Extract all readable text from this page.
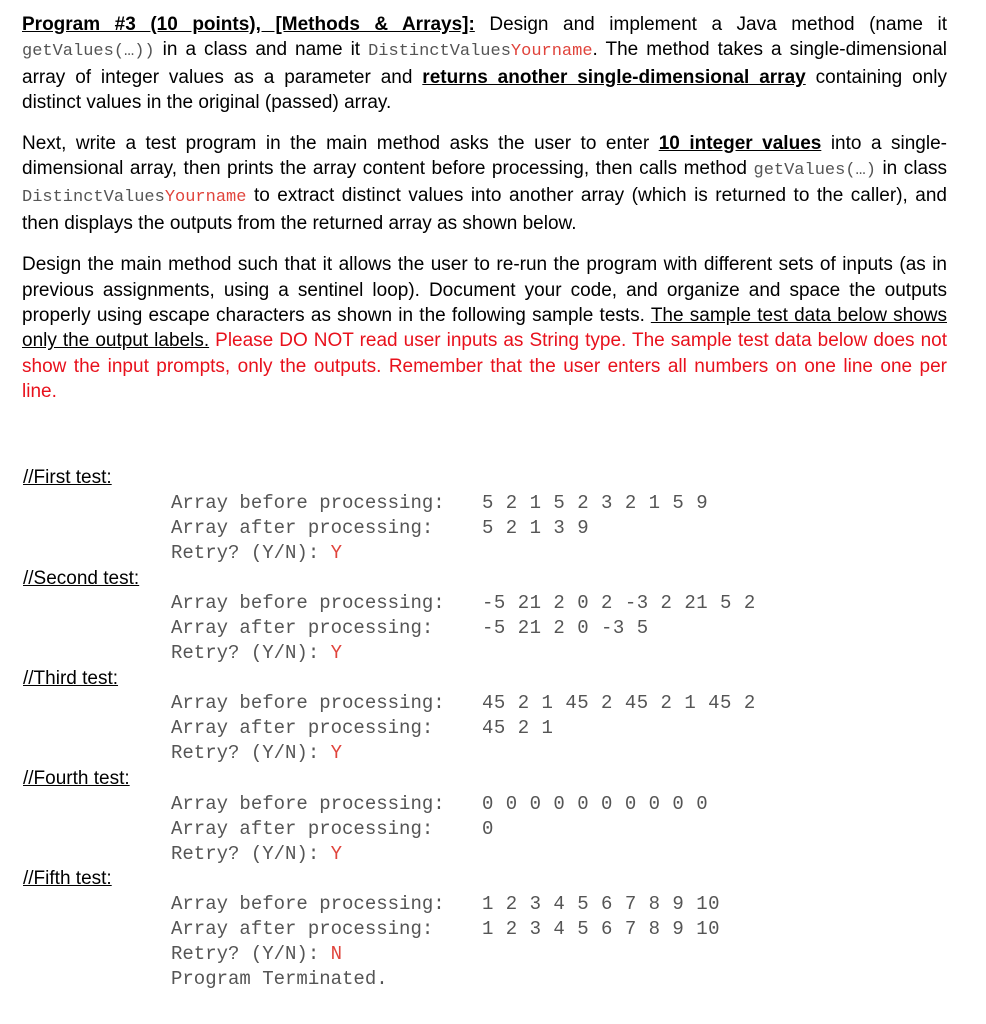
Program #3 (10 points), [Methods & Arrays]: Design and implement a Java method (name it getValues(…)) in a class and name it DistinctValuesYourname. The method takes a single-dimensional array of integer values as a parameter and returns another single-dimensional array containing only distinct values in the original (passed) array.

Next, write a test program in the main method asks the user to enter 10 integer values into a single-dimensional array, then prints the array content before processing, then calls method getValues(…) in class DistinctValuesYourname to extract distinct values into another array (which is returned to the caller), and then displays the outputs from the returned array as shown below.

Design the main method such that it allows the user to re-run the program with different sets of inputs (as in previous assignments, using a sentinel loop). Document your code, and organize and space the outputs properly using escape characters as shown in the following sample tests. The sample test data below shows only the output labels. Please DO NOT read user inputs as String type. The sample test data below does not show the input prompts, only the outputs. Remember that the user enters all numbers on one line one per line.

//First test:
Array before processing: 5 2 1 5 2 3 2 1 5 9
Array after processing:	5 2 1 3 9
Retry? (Y/N): Y
//Second test:
Array before processing: -5 21 2 0 2 -3 2 21 5 2
Array after processing:	-5 21 2 0 -3 5
Retry? (Y/N): Y
//Third test:
Array before processing: 45 2 1 45 2 45 2 1 45 2
Array after processing:	45 2 1
Retry? (Y/N): Y
//Fourth test:
Array before processing: 0 0 0 0 0 0 0 0 0 0
Array after processing:	0
Retry? (Y/N): Y
//Fifth test:
Array before processing: 1 2 3 4 5 6 7 8 9 10
Array after processing:	1 2 3 4 5 6 7 8 9 10
Retry? (Y/N): N
Program Terminated.
